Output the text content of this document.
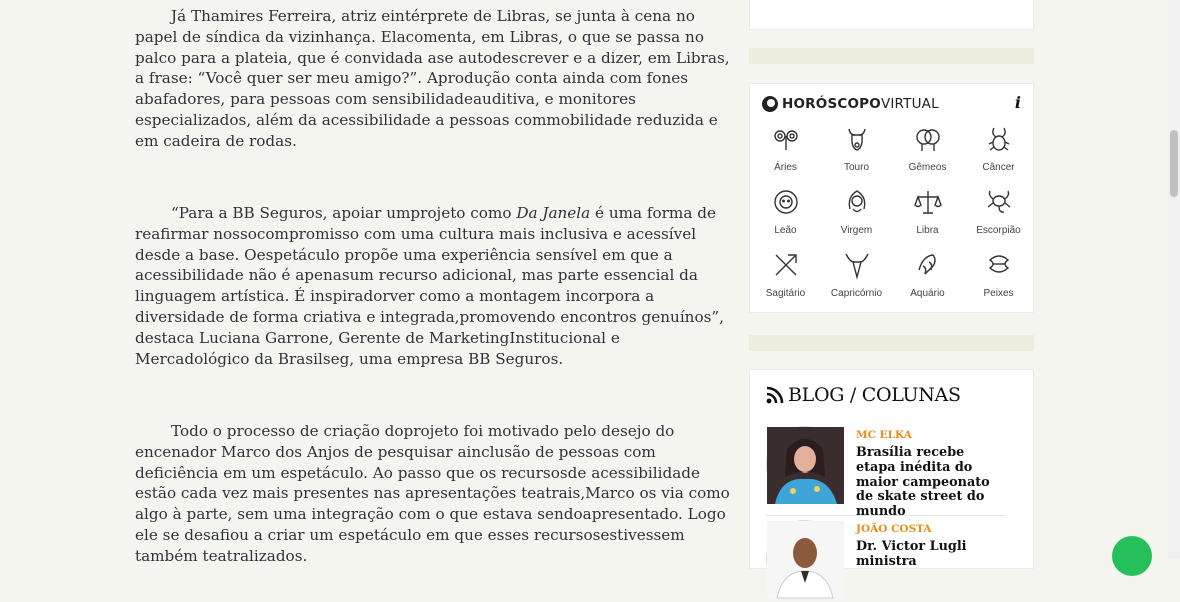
Já Thamires Ferreira, atriz eintérprete de Libras, se junta à cena no papel de síndica da vizinhança. Elacomenta, em Libras, o que se passa no palco para a plateia, que é convidada ase autodescrever e a dizer, em Libras, a frase: “Você quer ser meu amigo?”. Aprodução conta ainda com fones abafadores, para pessoas com sensibilidadeauditiva, e monitores especializados, além da acessibilidade a pessoas commobilidade reduzida e em cadeira de rodas.

“Para a BB Seguros, apoiar umprojeto como Da Janela é uma forma de reafirmar nossocompromisso com uma cultura mais inclusiva e acessível desde a base. Oespetáculo propõe uma experiência sensível em que a acessibilidade não é apenasum recurso adicional, mas parte essencial da linguagem artística. É inspiradorver como a montagem incorpora a diversidade de forma criativa e integrada,promovendo encontros genuínos”, destaca Luciana Garrone, Gerente de MarketingInstitucional e Mercadológico da Brasilseg, uma empresa BB Seguros.

Todo o processo de criação doprojeto foi motivado pelo desejo do encenador Marco dos Anjos de pesquisar ainclusão de pessoas com deficiência em um espetáculo. Ao passo que os recursosde acessibilidade estão cada vez mais presentes nas apresentações teatrais,Marco os via como algo à parte, sem uma integração com o que estava sendoapresentado. Logo ele se desafiou a criar um espetáculo em que esses recursosestivessem também teatralizados.

HORÓSCOPO VIRTUAL	i
Áries	Touro	Gêmeos	Câncer
Leão	Virgem	Libra	Escorpião
Sagitário	Capricórnio	Aquário	Peixes
BLOG / COLUNAS
MC ELKA
Brasília recebe etapa inédita do maior campeonato de skate street do mundo
JOÃO COSTA
Dr. Victor Lugli ministra
